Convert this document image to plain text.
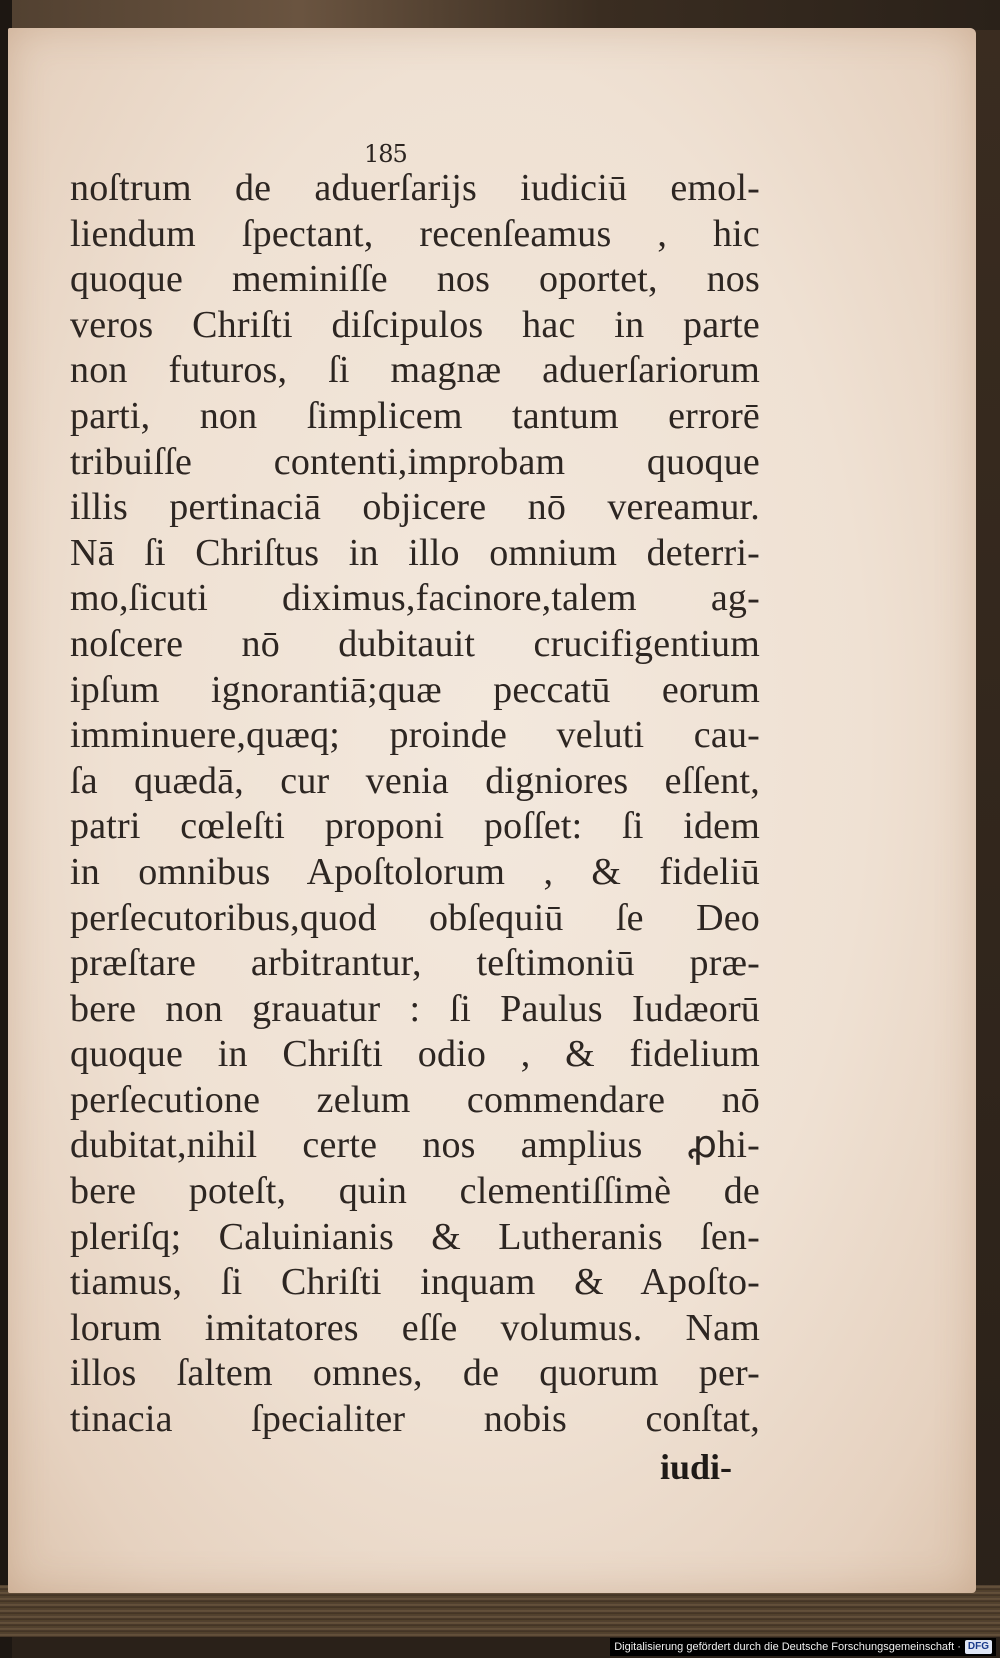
185
noſtrum de aduerſarijs iudiciū emol-
liendum ſpectant, recenſeamus , hic
quoque meminiſſe nos oportet, nos
veros Chriſti diſcipulos hac in parte
non futuros, ſi magnæ aduerſariorum
parti, non ſimplicem tantum errorē
tribuiſſe contenti,improbam quoque
illis pertinaciā objicere nō vereamur.
Nā ſi Chriſtus in illo omnium deterri-
mo,ſicuti diximus,facinore,talem ag-
noſcere nō dubitauit crucifigentium
ipſum ignorantiā;quæ peccatū eorum
imminuere,quæq; proinde veluti cau-
ſa quædā, cur venia digniores eſſent,
patri cœleſti proponi poſſet: ſi idem
in omnibus Apoſtolorum , & fideliū
perſecutoribus,quod obſequiū ſe Deo
præſtare arbitrantur, teſtimoniū præ-
bere non grauatur : ſi Paulus Iudæorū
quoque in Chriſti odio , & fidelium
perſecutione zelum commendare nō
dubitat,nihil certe nos amplius ꝓhi-
bere poteſt, quin clementiſſimè de
pleriſq; Caluinianis & Lutheranis ſen-
tiamus, ſi Chriſti inquam & Apoſto-
lorum imitatores eſſe volumus. Nam
illos ſaltem omnes, de quorum per-
tinacia ſpecialiter nobis conſtat,
iudi-
Digitalisierung gefördert durch die Deutsche Forschungsgemeinschaft · DFG
